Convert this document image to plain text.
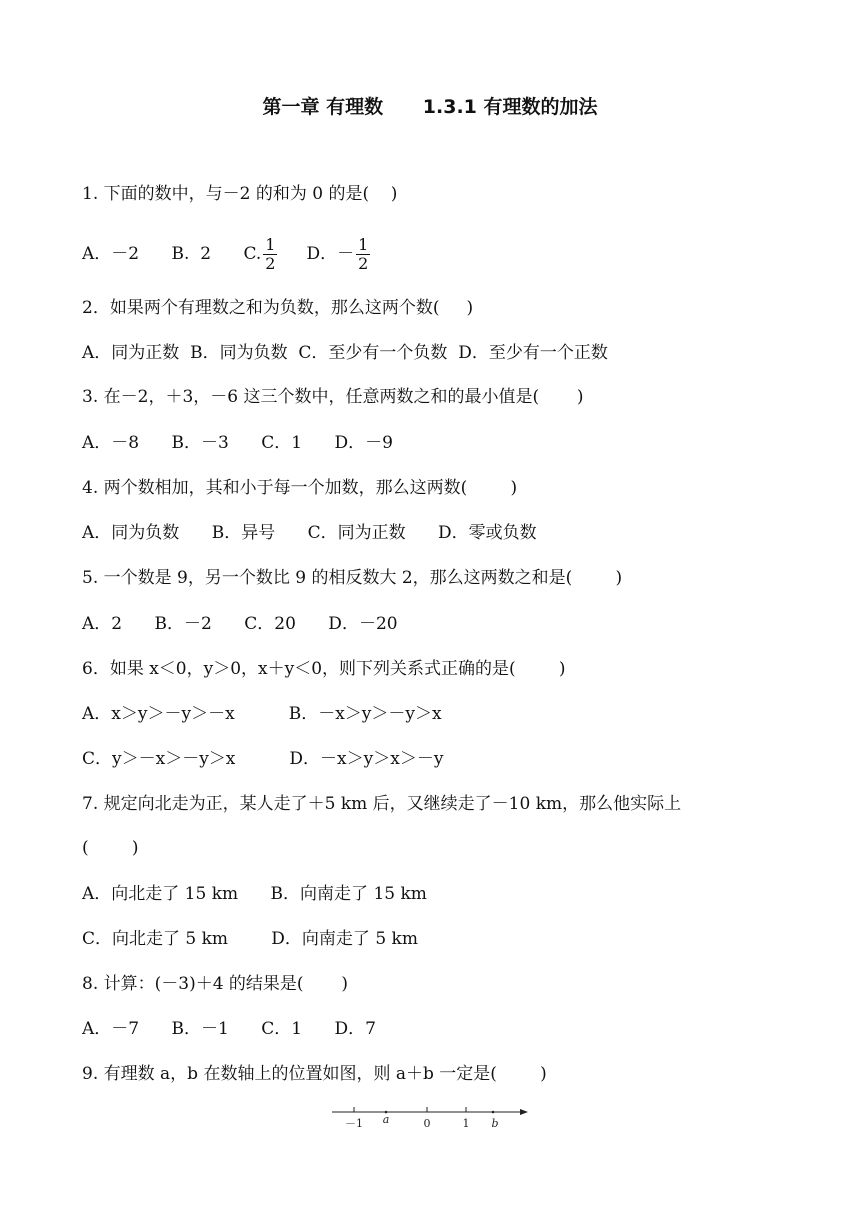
第一章 有理数      1.3.1 有理数的加法
1. 下面的数中，与－2 的和为 0 的是(    )
A．－2      B.  2      C. $\frac{1}{2}$ D．－ $\frac{1}{2}$
2．如果两个有理数之和为负数，那么这两个数(     )
A．同为正数  B．同为负数  C．至少有一个负数  D．至少有一个正数
3. 在－2，＋3，－6 这三个数中，任意两数之和的最小值是(       )
A．－8      B．－3      C．1      D．－9
4. 两个数相加，其和小于每一个加数，那么这两数(        )
A．同为负数      B．异号      C．同为正数      D．零或负数
5. 一个数是 9，另一个数比 9 的相反数大 2，那么这两数之和是(        )
A．2      B．－2      C．20      D．－20
6．如果 x＜0，y＞0，x＋y＜0，则下列关系式正确的是(        )
A．x＞y＞－y＞－x          B．－x＞y＞－y＞x
C．y＞－x＞－y＞x          D．－x＞y＞x＞－y
7. 规定向北走为正，某人走了＋5 km 后，又继续走了－10 km，那么他实际上
(        )
A．向北走了 15 km      B．向南走了 15 km
C．向北走了 5 km        D．向南走了 5 km
8. 计算：(－3)＋4 的结果是(       )
A．－7      B．－1      C．1      D．7
9. 有理数 a，b 在数轴上的位置如图，则 a＋b 一定是(        )
－1 a	0	1 b
